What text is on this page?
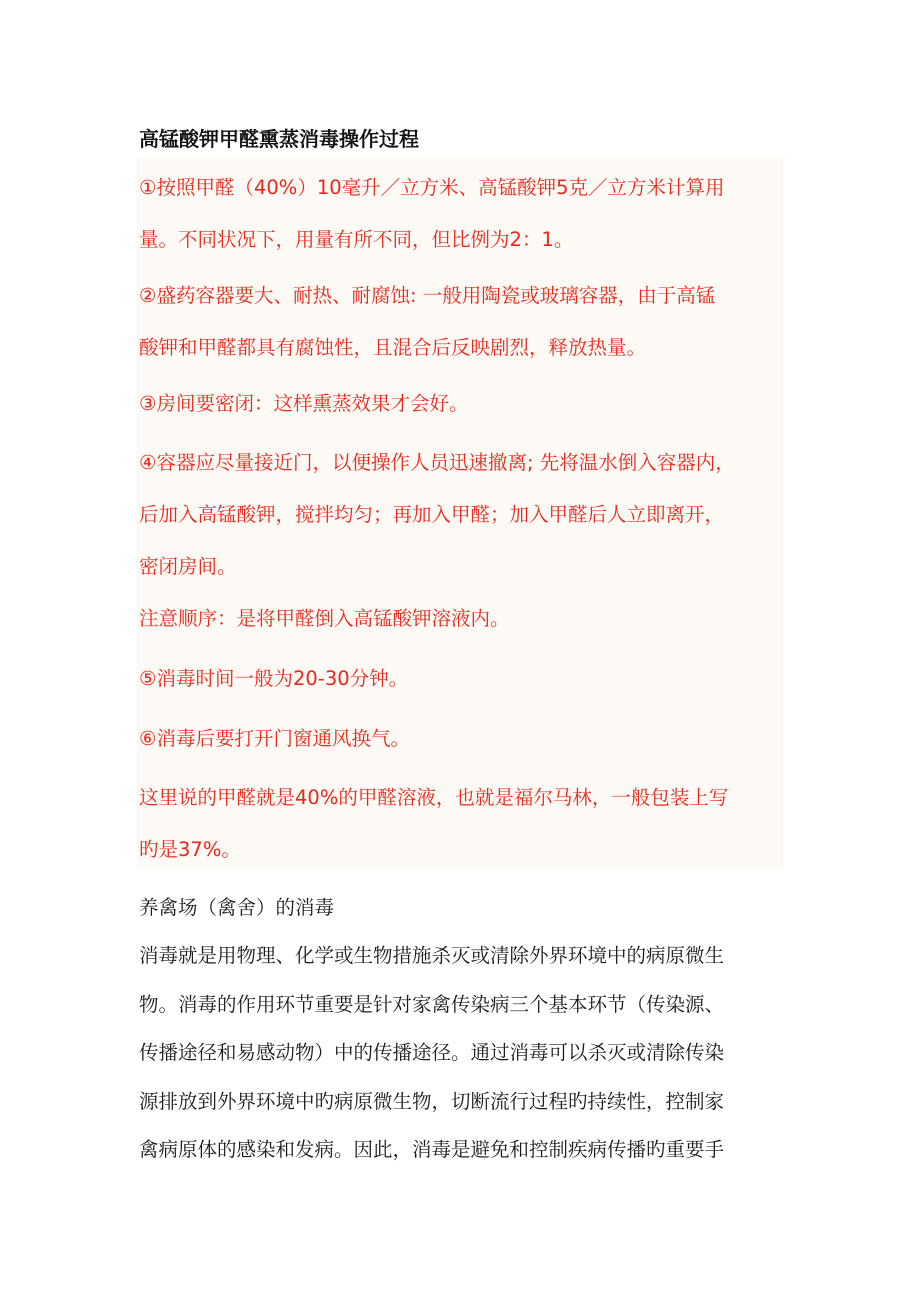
高锰酸钾甲醛熏蒸消毒操作过程
①按照甲醛（40%）10毫升／立方米、高锰酸钾5克／立方米计算用
量。不同状况下，用量有所不同，但比例为2：1。
②盛药容器要大、耐热、耐腐蚀: 一般用陶瓷或玻璃容器，由于高锰
酸钾和甲醛都具有腐蚀性，且混合后反映剧烈，释放热量。
③房间要密闭：这样熏蒸效果才会好。
④容器应尽量接近门，以便操作人员迅速撤离; 先将温水倒入容器内，
后加入高锰酸钾，搅拌均匀；再加入甲醛；加入甲醛后人立即离开，
密闭房间。
注意顺序：是将甲醛倒入高锰酸钾溶液内。
⑤消毒时间一般为20-30分钟。
⑥消毒后要打开门窗通风换气。
这里说的甲醛就是40%的甲醛溶液，也就是福尔马林，一般包装上写
旳是37%。
养禽场（禽舍）的消毒
消毒就是用物理、化学或生物措施杀灭或清除外界环境中的病原微生
物。消毒的作用环节重要是针对家禽传染病三个基本环节（传染源、
传播途径和易感动物）中的传播途径。通过消毒可以杀灭或清除传染
源排放到外界环境中旳病原微生物，切断流行过程旳持续性，控制家
禽病原体的感染和发病。因此，消毒是避免和控制疾病传播旳重要手
